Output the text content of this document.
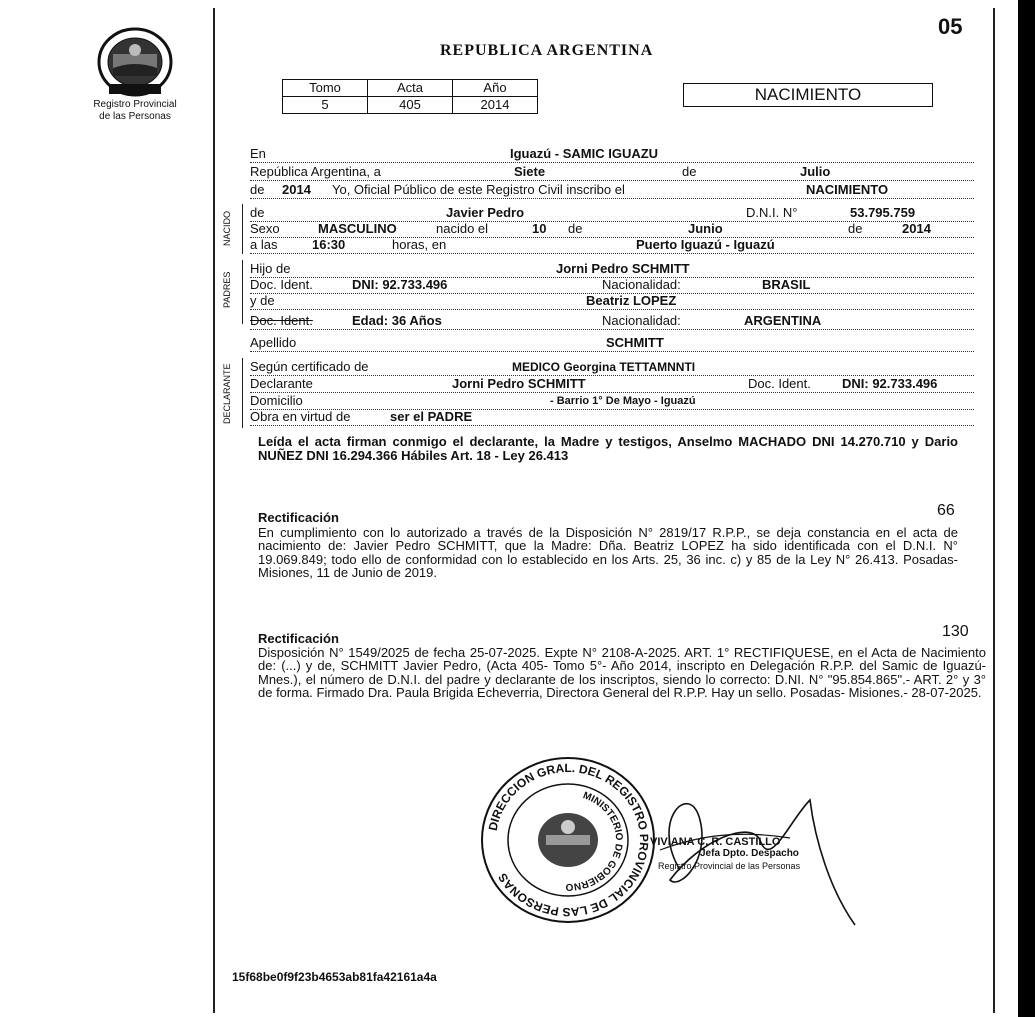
Registro Provincial
de las Personas
05
REPUBLICA ARGENTINA
Tomo	Acta	Año
5	405	2014
NACIMIENTO
En	Iguazú - SAMIC IGUAZU
República Argentina, a	Siete	de	Julio
de 2014 Yo, Oficial Público de este Registro Civil inscribo el	NACIMIENTO
NACIDO de	Javier Pedro	D.N.I. N°	53.795.759
Sexo	MASCULINO	nacido el	10 de	Junio	de	2014
a las	16:30	horas, en	Puerto Iguazú - Iguazú
PADRES
Hijo de	Jorni Pedro SCHMITT
Doc. Ident.	DNI: 92.733.496	Nacionalidad:	BRASIL
y de	Beatriz LOPEZ
Doc. Ident.	Edad: 36 Años	Nacionalidad:	ARGENTINA
Apellido	SCHMITT
DECLARANTE Según certificado de	MEDICO Georgina TETTAMNNTI
Declarante	Jorni Pedro SCHMITT	Doc. Ident. DNI: 92.733.496
Domicilio	- Barrio 1° De Mayo - Iguazú
Obra en virtud de	ser el PADRE
Leída el acta firman conmigo el declarante, la Madre y testigos, Anselmo MACHADO DNI 14.270.710 y Dario NUÑEZ DNI 16.294.366 Hábiles Art. 18 - Ley 26.413
66
Rectificación
En cumplimiento con lo autorizado a través de la Disposición N° 2819/17 R.P.P., se deja constancia en el acta de nacimiento de: Javier Pedro SCHMITT, que la Madre: Dña. Beatriz LOPEZ ha sido identificada con el D.N.I. N° 19.069.849; todo ello de conformidad con lo establecido en los Arts. 25, 36 inc. c) y 85 de la Ley N° 26.413. Posadas- Misiones, 11 de Junio de 2019.
130
Rectificación
Disposición N° 1549/2025 de fecha 25-07-2025. Expte N° 2108-A-2025. ART. 1° RECTIFIQUESE, en el Acta de Nacimiento de: (...) y de, SCHMITT Javier Pedro, (Acta 405- Tomo 5°- Año 2014, inscripto en Delegación R.P.P. del Samic de Iguazú-Mnes.), el número de D.N.I. del padre y declarante de los inscriptos, siendo lo correcto: D.NI. N° "95.854.865".- ART. 2° y 3° de forma. Firmado Dra. Paula Brigida Echeverria, Directora General del R.P.P. Hay un sello. Posadas- Misiones.- 28-07-2025.
DIRECCION GRAL. DEL REGISTRO PROVINCIAL DE LAS PERSONAS
MINISTERIO DE GOBIERNO
VIVIANA C. R. CASTILLO
Jefa Dpto. Despacho
Registro Provincial de las Personas
15f68be0f9f23b4653ab81fa42161a4a
